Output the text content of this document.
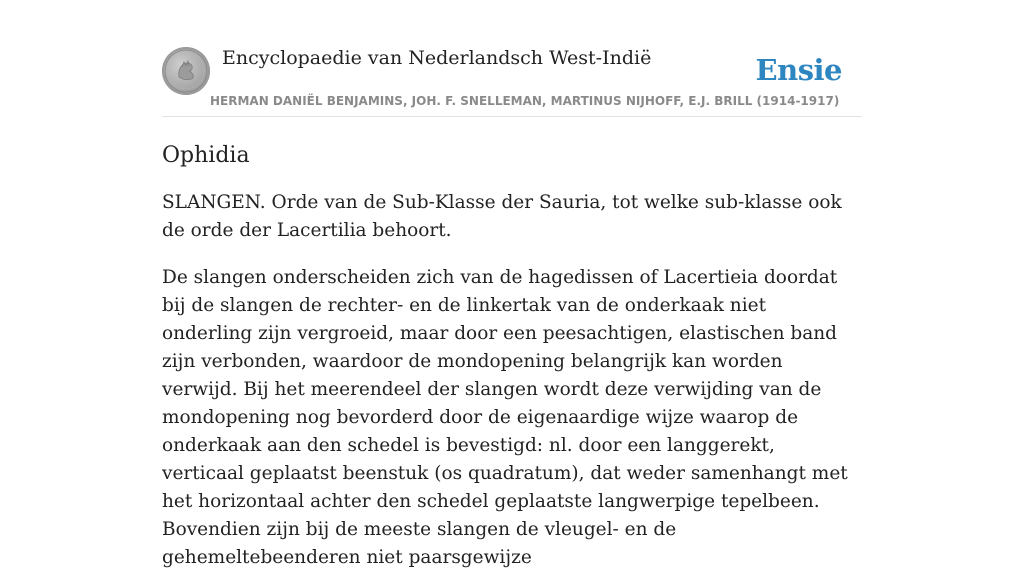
Encyclopaedie van Nederlandsch West-Indië	Ensie
HERMAN DANIËL BENJAMINS, JOH. F. SNELLEMAN, MARTINUS NIJHOFF, E.J. BRILL (1914-1917)
Ophidia

SLANGEN. Orde van de Sub-Klasse der Sauria, tot welke sub-klasse ook de orde der Lacertilia behoort.

De slangen onderscheiden zich van de hagedissen of Lacertieia doordat bij de slangen de rechter- en de linkertak van de onderkaak niet onderling zijn vergroeid, maar door een peesachtigen, elastischen band zijn verbonden, waardoor de mondopening belangrijk kan worden verwijd. Bij het meerendeel der slangen wordt deze verwijding van de mondopening nog bevorderd door de eigenaardige wijze waarop de onderkaak aan den schedel is bevestigd: nl. door een langgerekt, verticaal geplaatst beenstuk (os quadratum), dat weder samenhangt met het horizontaal achter den schedel geplaatste langwerpige tepelbeen. Bovendien zijn bij de meeste slangen de vleugel- en de gehemeltebeenderen niet paarsgewijze
